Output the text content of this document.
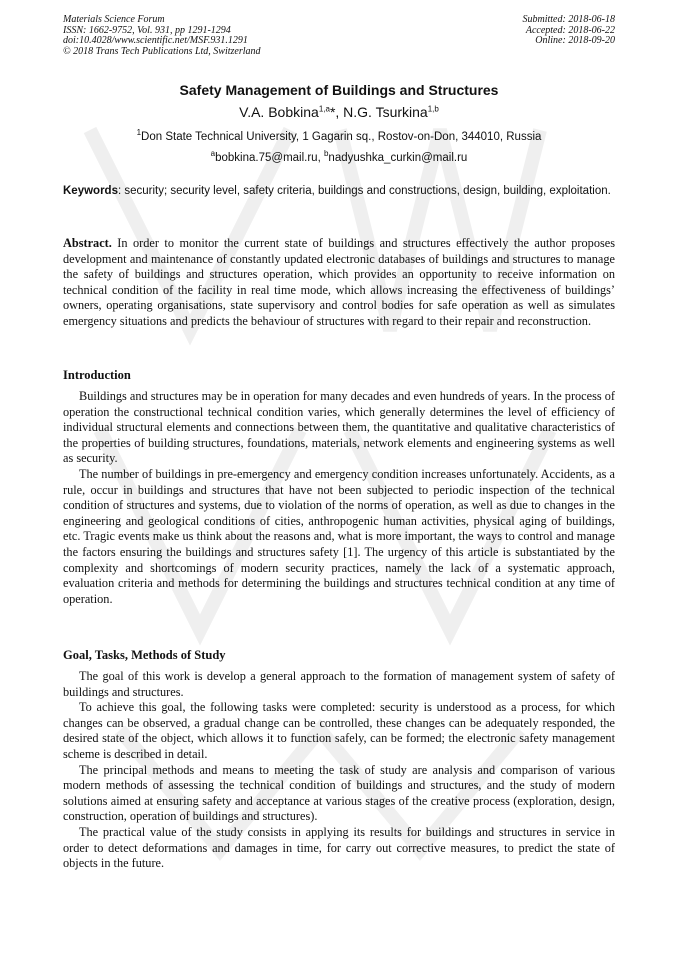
Materials Science Forum
ISSN: 1662-9752, Vol. 931, pp 1291-1294
doi:10.4028/www.scientific.net/MSF.931.1291
© 2018 Trans Tech Publications Ltd, Switzerland
Submitted: 2018-06-18
Accepted: 2018-06-22
Online: 2018-09-20
Safety Management of Buildings and Structures
V.A. Bobkina$^{1,a}$*, N.G. Tsurkina$^{1,b}$
$^1$Don State Technical University, 1 Gagarin sq., Rostov-on-Don, 344010, Russia
$^a$bobkina.75@mail.ru, $^b$nadyushka_curkin@mail.ru
Keywords: security; security level, safety criteria, buildings and constructions, design, building, exploitation.
Abstract. In order to monitor the current state of buildings and structures effectively the author proposes development and maintenance of constantly updated electronic databases of buildings and structures to manage the safety of buildings and structures operation, which provides an opportunity to receive information on technical condition of the facility in real time mode, which allows increasing the effectiveness of buildings’ owners, operating organisations, state supervisory and control bodies for safe operation as well as simulates emergency situations and predicts the behaviour of structures with regard to their repair and reconstruction.
Introduction

Buildings and structures may be in operation for many decades and even hundreds of years. In the process of operation the constructional technical condition varies, which generally determines the level of efficiency of individual structural elements and connections between them, the quantitative and qualitative characteristics of the properties of building structures, foundations, materials, network elements and engineering systems as well as security.

The number of buildings in pre-emergency and emergency condition increases unfortunately. Accidents, as a rule, occur in buildings and structures that have not been subjected to periodic inspection of the technical condition of structures and systems, due to violation of the norms of operation, as well as due to changes in the engineering and geological conditions of cities, anthropogenic human activities, physical aging of buildings, etc. Tragic events make us think about the reasons and, what is more important, the ways to control and manage the factors ensuring the buildings and structures safety [1]. The urgency of this article is substantiated by the complexity and shortcomings of modern security practices, namely the lack of a systematic approach, evaluation criteria and methods for determining the buildings and structures technical condition at any time of operation.

Goal, Tasks, Methods of Study

The goal of this work is develop a general approach to the formation of management system of safety of buildings and structures.

To achieve this goal, the following tasks were completed: security is understood as a process, for which changes can be observed, a gradual change can be controlled, these changes can be adequately responded, the desired state of the object, which allows it to function safely, can be formed; the electronic safety management scheme is described in detail.

The principal methods and means to meeting the task of study are analysis and comparison of various modern methods of assessing the technical condition of buildings and structures, and the study of modern solutions aimed at ensuring safety and acceptance at various stages of the creative process (exploration, design, construction, operation of buildings and structures).

The practical value of the study consists in applying its results for buildings and structures in service in order to detect deformations and damages in time, for carry out corrective measures, to predict the state of objects in the future.
